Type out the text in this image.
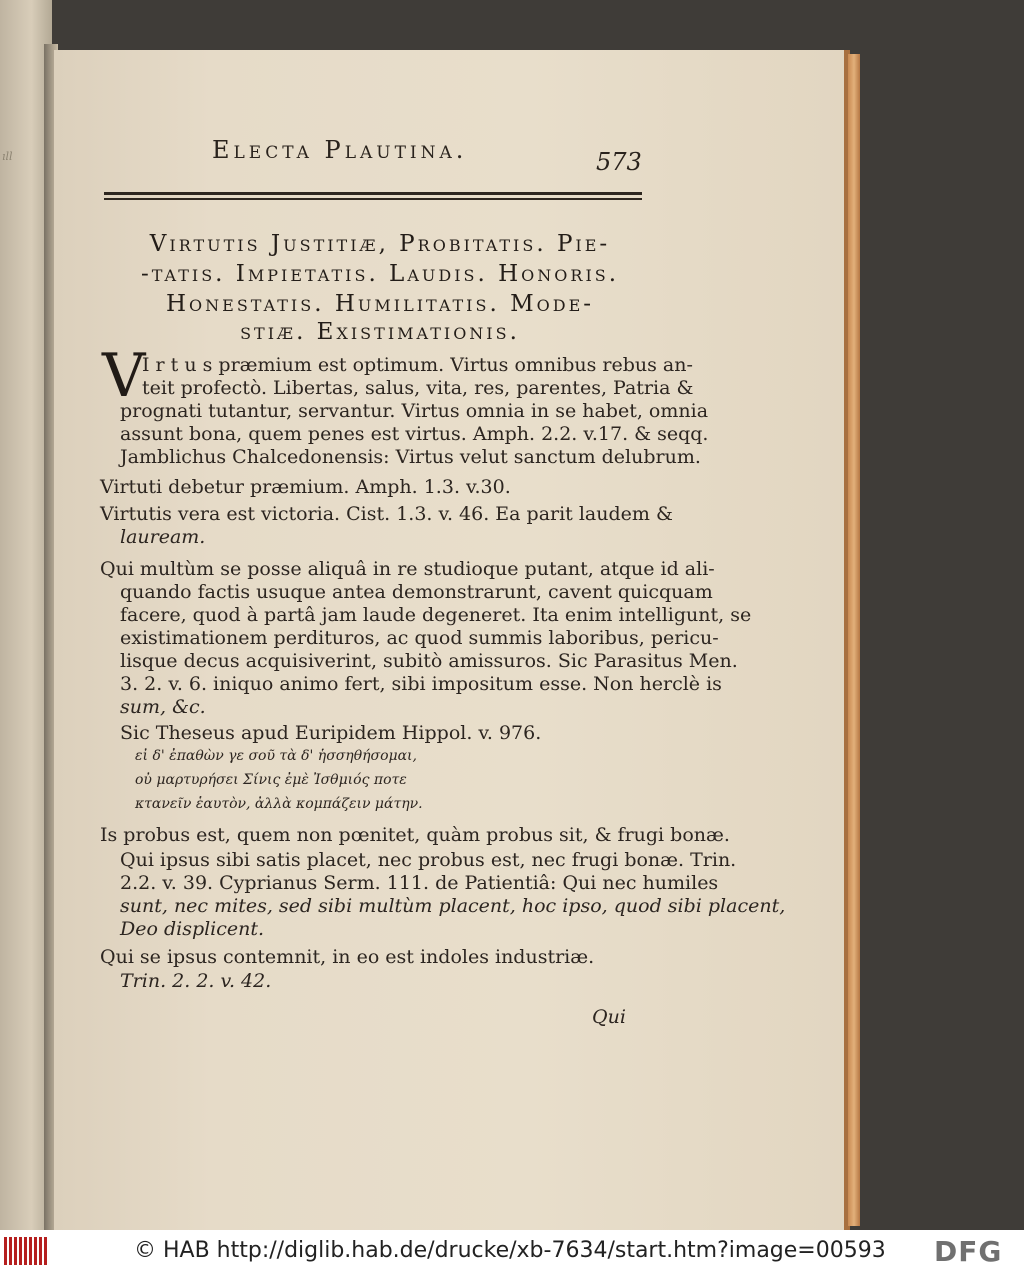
ıll	Electa Plautina.	573
Virtutis Justitiæ, Probitatis. Pie-
-tatis. Impietatis. Laudis. Honoris.
Honestatis. Humilitatis. Mode-
stiæ. Existimationis.
V
I r t u s præmium est optimum. Virtus omnibus rebus an-
teit profectò. Libertas, salus, vita, res, parentes, Patria &
prognati tutantur, servantur. Virtus omnia in se habet, omnia
assunt bona, quem penes est virtus. Amph. 2.2. v.17. & seqq.
Jamblichus Chalcedonensis: Virtus velut sanctum delubrum.
Virtuti debetur præmium. Amph. 1.3. v.30.
Virtutis vera est victoria. Cist. 1.3. v. 46. Ea parit laudem &
lauream.
Qui multùm se posse aliquâ in re studioque putant, atque id ali-
quando factis usuque antea demonstrarunt, cavent quicquam
facere, quod à partâ jam laude degeneret. Ita enim intelligunt, se
existimationem perdituros, ac quod summis laboribus, pericu-
lisque decus acquisiverint, subitò amissuros. Sic Parasitus Men.
3. 2. v. 6. iniquo animo fert, sibi impositum esse. Non herclè is
sum, &c.
Sic Theseus apud Euripidem Hippol. v. 976.
εἰ δ' ἐπαθὼν γε σοῦ τὰ δ' ἡσσηθήσομαι,
οὐ μαρτυρήσει Σίνις ἐμὲ Ἰσθμιός ποτε
κτανεῖν ἑαυτὸν, ἀλλὰ κομπάζειν μάτην.
Is probus est, quem non pœnitet, quàm probus sit, & frugi bonæ.
Qui ipsus sibi satis placet, nec probus est, nec frugi bonæ. Trin.
2.2. v. 39. Cyprianus Serm. 111. de Patientiâ: Qui nec humiles
sunt, nec mites, sed sibi multùm placent, hoc ipso, quod sibi placent,
Deo displicent.
Qui se ipsus contemnit, in eo est indoles industriæ.
Trin. 2. 2. v. 42.
Qui
© HAB http://diglib.hab.de/drucke/xb-7634/start.htm?image=00593 DFG
